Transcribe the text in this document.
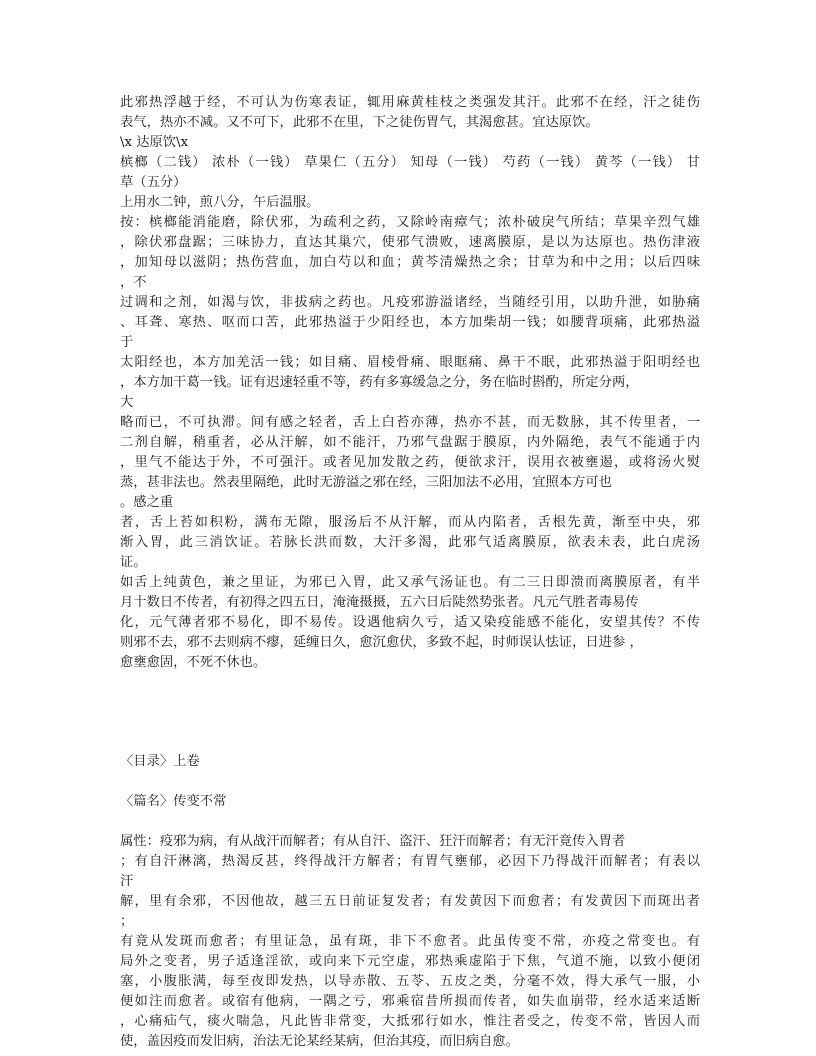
此邪热浮越于经，不可认为伤寒表证，辄用麻黄桂枝之类强发其汗。此邪不在经，汗之徒伤
表气，热亦不减。又不可下，此邪不在里，下之徒伤胃气，其渴愈甚。宜达原饮。
\x 达原饮\x
槟榔（二钱） 浓朴（一钱） 草果仁（五分） 知母（一钱） 芍药（一钱） 黄芩（一钱） 甘
草（五分）
上用水二钟，煎八分，午后温服。
按：槟榔能消能磨，除伏邪，为疏利之药，又除岭南瘴气；浓朴破戾气所结；草果辛烈气雄
，除伏邪盘踞；三味协力，直达其巢穴，使邪气溃败，速离膜原，是以为达原也。热伤津液
，加知母以滋阴；热伤营血，加白芍以和血；黄芩清燥热之余；甘草为和中之用；以后四味
，不
过调和之剂，如渴与饮，非拔病之药也。凡疫邪游溢诸经，当随经引用，以助升泄，如胁痛
、耳聋、寒热、呕而口苦，此邪热溢于少阳经也，本方加柴胡一钱；如腰背项痛，此邪热溢
于
太阳经也，本方加羌活一钱；如目痛、眉棱骨痛、眼眶痛、鼻干不眠，此邪热溢于阳明经也
，本方加干葛一钱。证有迟速轻重不等，药有多寡缓急之分，务在临时斟酌，所定分两，
大
略而已，不可执滞。间有感之轻者，舌上白苔亦薄，热亦不甚，而无数脉，其不传里者，一
二剂自解，稍重者，必从汗解，如不能汗，乃邪气盘踞于膜原，内外隔绝，表气不能通于内
，里气不能达于外，不可强汗。或者见加发散之药，便欲求汗，误用衣被壅遏，或将汤火熨
蒸，甚非法也。然表里隔绝，此时无游溢之邪在经，三阳加法不必用，宜照本方可也
。感之重
者，舌上苔如积粉，满布无隙，服汤后不从汗解，而从内陷者，舌根先黄，渐至中央，邪
渐入胃，此三消饮证。若脉长洪而数，大汗多渴，此邪气适离膜原，欲表未表，此白虎汤
证。
如舌上纯黄色，兼之里证，为邪已入胃，此又承气汤证也。有二三日即溃而离膜原者，有半
月十数日不传者，有初得之四五日，淹淹摄摄，五六日后陡然势张者。凡元气胜者毒易传
化，元气薄者邪不易化，即不易传。设遇他病久亏，适又染疫能感不能化，安望其传？不传
则邪不去，邪不去则病不瘳，延缠日久，愈沉愈伏，多致不起，时师误认怯证，日进参 ，
愈壅愈固，不死不休也。
〈目录〉上卷
〈篇名〉传变不常
属性：疫邪为病，有从战汗而解者；有从自汗、盗汗、狂汗而解者；有无汗竟传入胃者
；有自汗淋漓，热渴反甚，终得战汗方解者；有胃气壅郁，必因下乃得战汗而解者；有表以
汗
解，里有余邪，不因他故，越三五日前证复发者；有发黄因下而愈者；有发黄因下而斑出者
；
有竟从发斑而愈者；有里证急，虽有斑，非下不愈者。此虽传变不常，亦疫之常变也。有
局外之变者，男子适逢淫欲，或向来下元空虚，邪热乘虚陷于下焦，气道不施，以致小便闭
塞，小腹胀满，每至夜即发热，以导赤散、五苓、五皮之类，分毫不效，得大承气一服，小
便如注而愈者。或宿有他病，一隅之亏，邪乘宿昔所损而传者，如失血崩带，经水适来适断
，心痛疝气，痰火喘急，凡此皆非常变，大抵邪行如水，惟注者受之，传变不常，皆因人而
使，盖因疫而发旧病，治法无论某经某病，但治其疫，而旧病自愈。
